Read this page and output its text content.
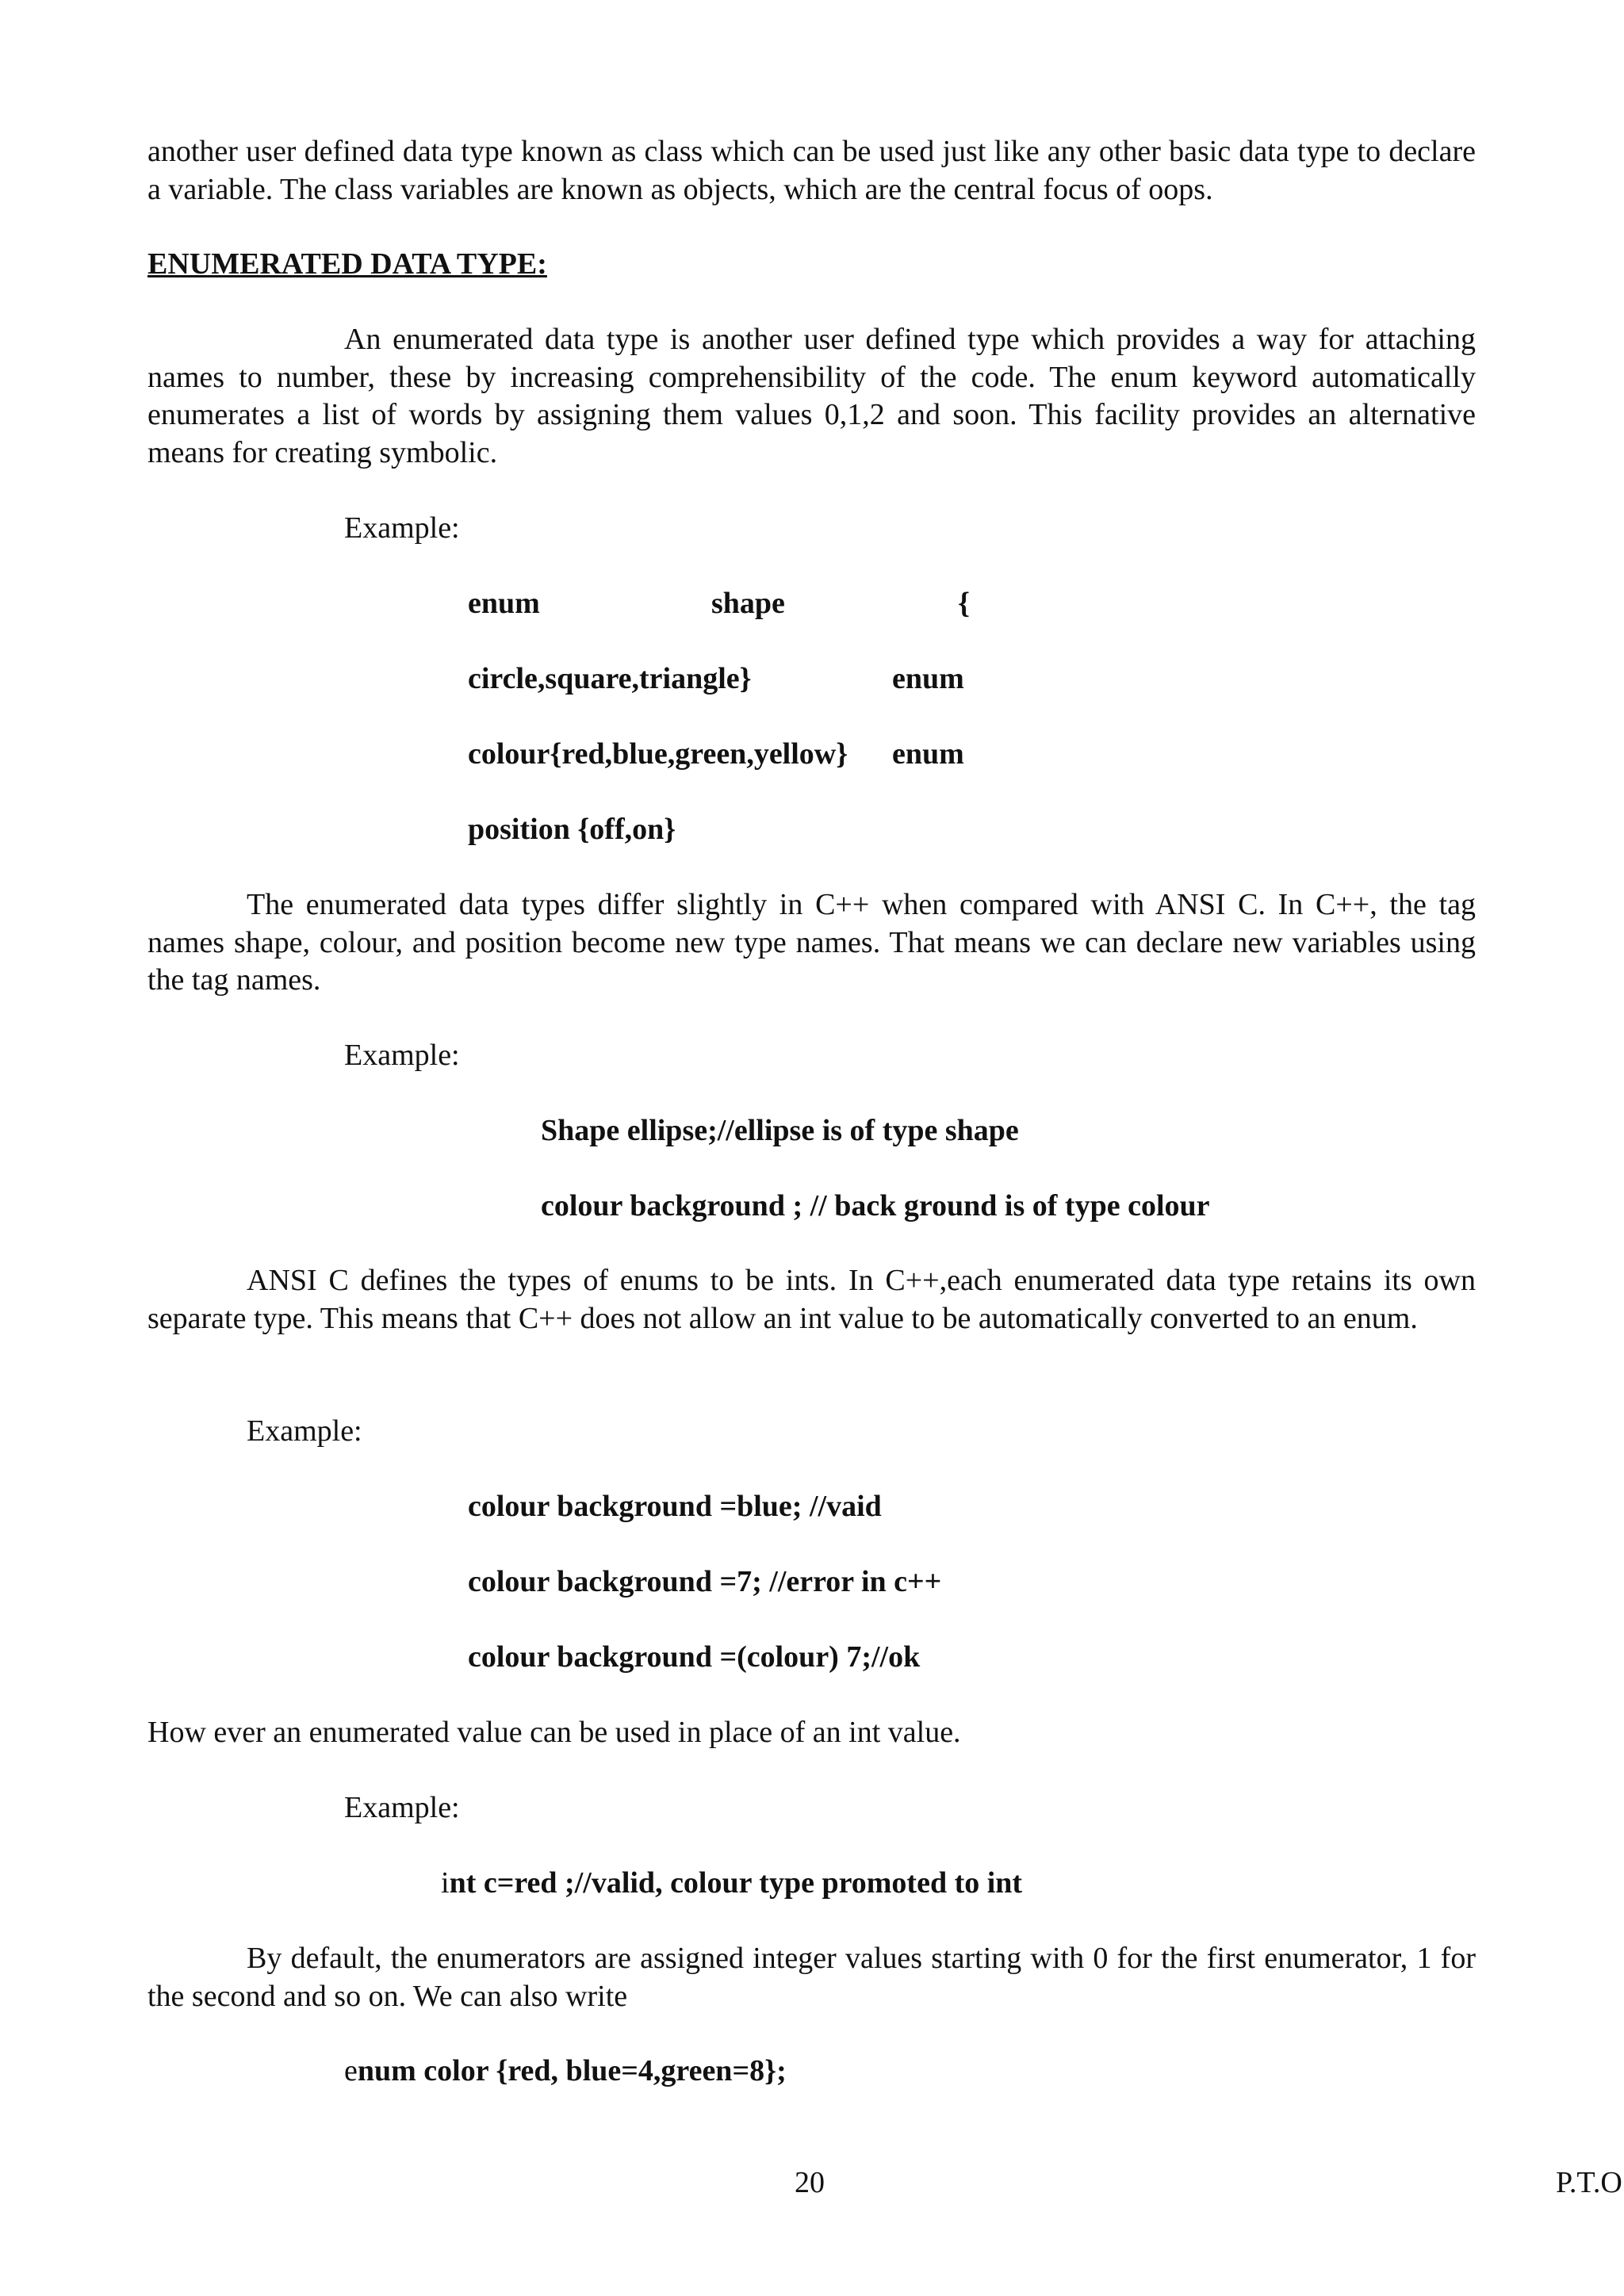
another user defined data type known as class which can be used just like any other basic data type to declare a variable. The class variables are known as objects, which are the central focus of oops.
ENUMERATED DATA TYPE:
An enumerated data type is another user defined type which provides a way for attaching names to number, these by increasing comprehensibility of the code. The enum keyword automatically enumerates a list of words by assigning them values 0,1,2 and soon. This facility provides an alternative means for creating symbolic.
Example:
enum	shape	{
circle,square,triangle}	enum
colour{red,blue,green,yellow} enum
position {off,on}
The enumerated data types differ slightly in C++ when compared with ANSI C. In C++, the tag names shape, colour, and position become new type names. That means we can declare new variables using the tag names.
Example:
Shape ellipse;//ellipse is of type shape
colour background ; // back ground is of type colour
ANSI C defines the types of enums to be ints. In C++,each enumerated data type retains its own separate type. This means that C++ does not allow an int value to be automatically converted to an enum.
Example:
colour background =blue; //vaid
colour background =7; //error in c++
colour background =(colour) 7;//ok
How ever an enumerated value can be used in place of an int value.
Example:
int c=red ;//valid, colour type promoted to int
By default, the enumerators are assigned integer values starting with 0 for the first enumerator, 1 for the second and so on. We can also write
enum color {red, blue=4,green=8};
20	P.T.O
